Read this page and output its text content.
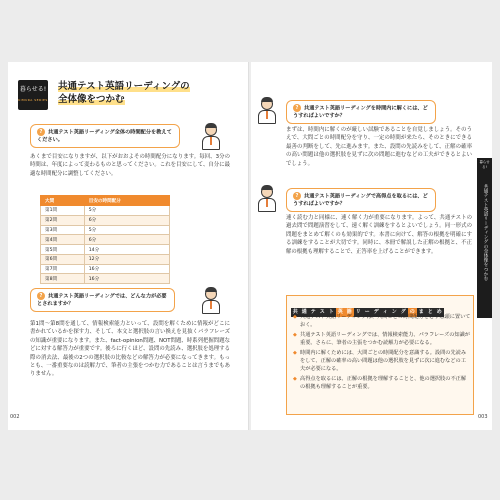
暮らせる!
KIMURA SERIES
共通テスト英語リーディングの
全体像をつかむ
? 共通テスト英語リーディング全体の時間配分を教えてください。
あくまで目安になりますが、以下がおおよその時間配分になります。毎回、3分の時間は、年度によって変わるものと思ってください。これを目安にして、自分に最適な時間配分に調整してください。
大問	目安の時間配分
第1問	5分
第2問	6分
第3問	5分
第4問	6分
第5問	14分
第6問	12分
第7問	16分
第8問	16分
? 共通テスト英語リーディングでは、どんな力が必要とされますか？
第1問〜第8問を通して、情報検索能力といって、設問を解くために情報がどこに書かれているかを探す力、そして、本文と選択肢の言い換えを見抜くパラフレーズの知識が重要になります。また、fact-opinion問題、NOT問題、時系列把握問題などに対する解答力が重要です。後ろに行くほど、設問の先読み、選択肢を処理する際の消去法、最後の2つの選択肢の比較などの解答力が必要になってきます。もっとも、一番重要なのは読解力で、筆者の主張をつかむ力であることは言うまでもありません。
002
? 共通テスト英語リーディングを時間内に解くには、どうすればよいですか？
まずは、時間内に解くのが厳しい試験であることを自覚しましょう。そのうえで、大問ごとの時間配分を守り、一定の時間が来たら、そのときにできる最善の判断をして、先に進みます。また、設問の先読みをして、正解の確率の高い問題は他の選択肢を見ずに次の問題に進むなどの工夫ができるとよいでしょう。
? 共通テスト英語リーディングで高得点を取るには、どうすればよいですか？
速く読む力と同様に、速く解く力が重要になります。よって、共通テストの過去問で問題演習をして、速く解く訓練をするとよいでしょう。同一形式の問題をまとめて解くのも効果的です。本書に向けて、解答の根拠を明確にする訓練をすることが大切です。同時に、本冊で解説した正解の根拠と、不正解の根拠も理解することで、正答率を上げることができます。
共 通 テ ス ト 英 語 リ ー デ ィ ン グ の ま と め
◆ 共通テスト英語リーディングは、大問ごとの時間配分を必ず念頭に置いておく。
◆ 共通テスト英語リーディングでは、情報検索能力、パラフレーズの知識が重要。さらに、筆者の主張をつかむ読解力が必要になる。
◆ 時間内に解くためには、大問ごとの時間配分を意識する。設問の先読みをして、正解の確率の高い問題は他の選択肢を見ずに次に進むなどの工夫が必要になる。
◆ 高得点を取るには、正解の根拠を理解することと、他の選択肢の不正解の根拠も理解することが重要。
暮らせる!
共通テスト英語リーディングの全体像をつかむ
003
